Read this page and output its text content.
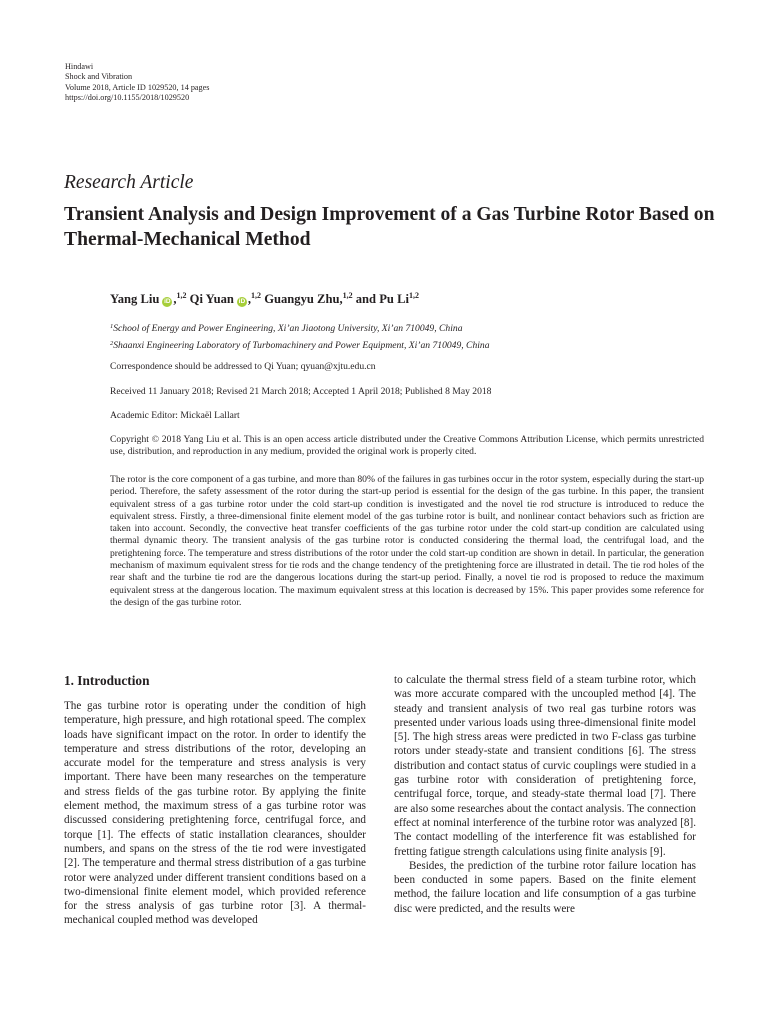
Hindawi
Shock and Vibration
Volume 2018, Article ID 1029520, 14 pages
https://doi.org/10.1155/2018/1029520
Research Article
Transient Analysis and Design Improvement of a Gas Turbine Rotor Based on Thermal-Mechanical Method
Yang Liu iD ,$^{1,2}$ Qi Yuan iD ,$^{1,2}$ Guangyu Zhu,$^{1,2}$ and Pu Li$^{1,2}$
$^1$School of Energy and Power Engineering, Xi’an Jiaotong University, Xi’an 710049, China
$^2$Shaanxi Engineering Laboratory of Turbomachinery and Power Equipment, Xi’an 710049, China
Correspondence should be addressed to Qi Yuan; qyuan@xjtu.edu.cn
Received 11 January 2018; Revised 21 March 2018; Accepted 1 April 2018; Published 8 May 2018
Academic Editor: Mickaël Lallart
Copyright © 2018 Yang Liu et al. This is an open access article distributed under the Creative Commons Attribution License, which permits unrestricted use, distribution, and reproduction in any medium, provided the original work is properly cited.

The rotor is the core component of a gas turbine, and more than 80% of the failures in gas turbines occur in the rotor system, especially during the start-up period. Therefore, the safety assessment of the rotor during the start-up period is essential for the design of the gas turbine. In this paper, the transient equivalent stress of a gas turbine rotor under the cold start-up condition is investigated and the novel tie rod structure is introduced to reduce the equivalent stress. Firstly, a three-dimensional finite element model of the gas turbine rotor is built, and nonlinear contact behaviors such as friction are taken into account. Secondly, the convective heat transfer coefficients of the gas turbine rotor under the cold start-up condition are calculated using thermal dynamic theory. The transient analysis of the gas turbine rotor is conducted considering the thermal load, the centrifugal load, and the pretightening force. The temperature and stress distributions of the rotor under the cold start-up condition are shown in detail. In particular, the generation mechanism of maximum equivalent stress for tie rods and the change tendency of the pretightening force are illustrated in detail. The tie rod holes of the rear shaft and the turbine tie rod are the dangerous locations during the start-up period. Finally, a novel tie rod is proposed to reduce the maximum equivalent stress at the dangerous location. The maximum equivalent stress at this location is decreased by 15%. This paper provides some reference for the design of the gas turbine rotor.

1. Introduction

The gas turbine rotor is operating under the condition of high temperature, high pressure, and high rotational speed. The complex loads have significant impact on the rotor. In order to identify the temperature and stress distributions of the rotor, developing an accurate model for the temperature and stress analysis is very important. There have been many researches on the temperature and stress fields of the gas turbine rotor. By applying the finite element method, the maximum stress of a gas turbine rotor was discussed considering pretightening force, centrifugal force, and torque [1]. The effects of static installation clearances, shoulder numbers, and spans on the stress of the tie rod were investigated [2]. The temperature and thermal stress distribution of a gas turbine rotor were analyzed under different transient conditions based on a two-dimensional finite element model, which provided reference for the stress analysis of gas turbine rotor [3]. A thermal-mechanical coupled method was developed

to calculate the thermal stress field of a steam turbine rotor, which was more accurate compared with the uncoupled method [4]. The steady and transient analysis of two real gas turbine rotors was presented under various loads using three-dimensional finite model [5]. The high stress areas were predicted in two F-class gas turbine rotors under steady-state and transient conditions [6]. The stress distribution and contact status of curvic couplings were studied in a gas turbine rotor with consideration of pretightening force, centrifugal force, torque, and steady-state thermal load [7]. There are also some researches about the contact analysis. The connection effect at nominal interference of the turbine rotor was analyzed [8]. The contact modelling of the interference fit was established for fretting fatigue strength calculations using finite analysis [9].

Besides, the prediction of the turbine rotor failure location has been conducted in some papers. Based on the finite element method, the failure location and life consumption of a gas turbine disc were predicted, and the results were
